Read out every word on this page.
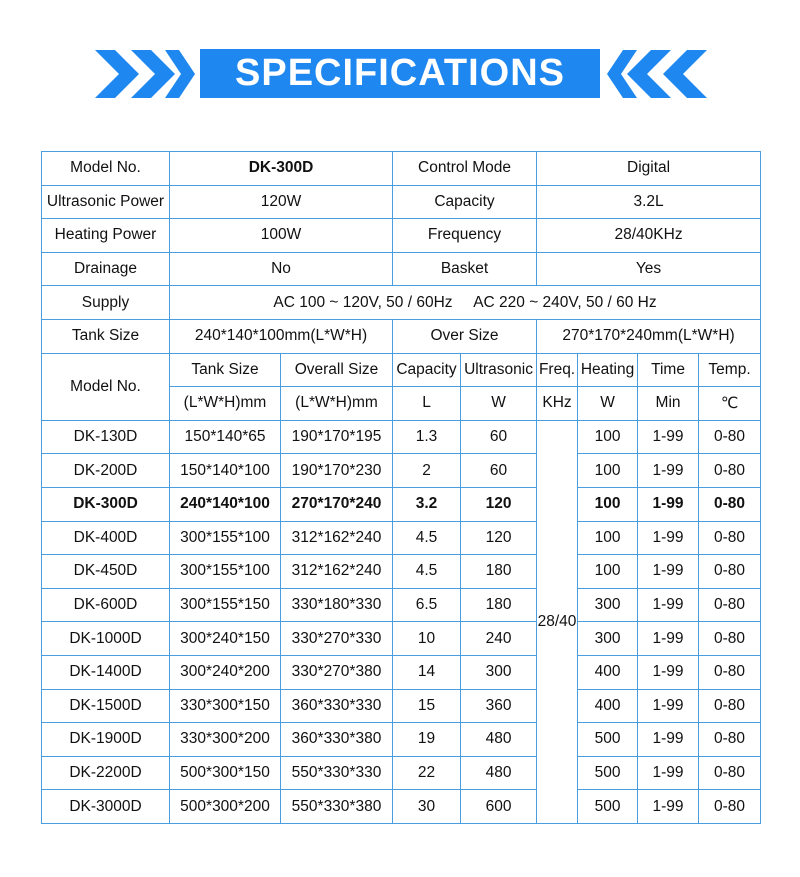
SPECIFICATIONS
Model No.	DK-300D		Control Mode		Digital			
Ultrasonic Power	120W		Capacity		3.2L			
Heating Power	100W		Frequency		28/40KHz			
Drainage	No		Basket		Yes			
Supply	AC 100 ~ 120V, 50 / 60Hz     AC 220 ~ 240V, 50 / 60 Hz							
Tank Size	240*140*100mm(L*W*H)		Over Size		270*170*240mm(L*W*H)			
Model No.	Tank Size	Overall Size	Capacity	Ultrasonic	Freq.	Heating	Time	Temp.
	(L*W*H)mm	(L*W*H)mm	L	W	KHz	W	Min	℃
DK-130D	150*140*65	190*170*195	1.3	60	28/40	100	1-99	0-80
DK-200D	150*140*100	190*170*230	2	60		100	1-99	0-80
DK-300D	240*140*100	270*170*240	3.2	120		100	1-99	0-80
DK-400D	300*155*100	312*162*240	4.5	120		100	1-99	0-80
DK-450D	300*155*100	312*162*240	4.5	180		100	1-99	0-80
DK-600D	300*155*150	330*180*330	6.5	180		300	1-99	0-80
DK-1000D	300*240*150	330*270*330	10	240		300	1-99	0-80
DK-1400D	300*240*200	330*270*380	14	300		400	1-99	0-80
DK-1500D	330*300*150	360*330*330	15	360		400	1-99	0-80
DK-1900D	330*300*200	360*330*380	19	480		500	1-99	0-80
DK-2200D	500*300*150	550*330*330	22	480		500	1-99	0-80
DK-3000D	500*300*200	550*330*380	30	600		500	1-99	0-80
